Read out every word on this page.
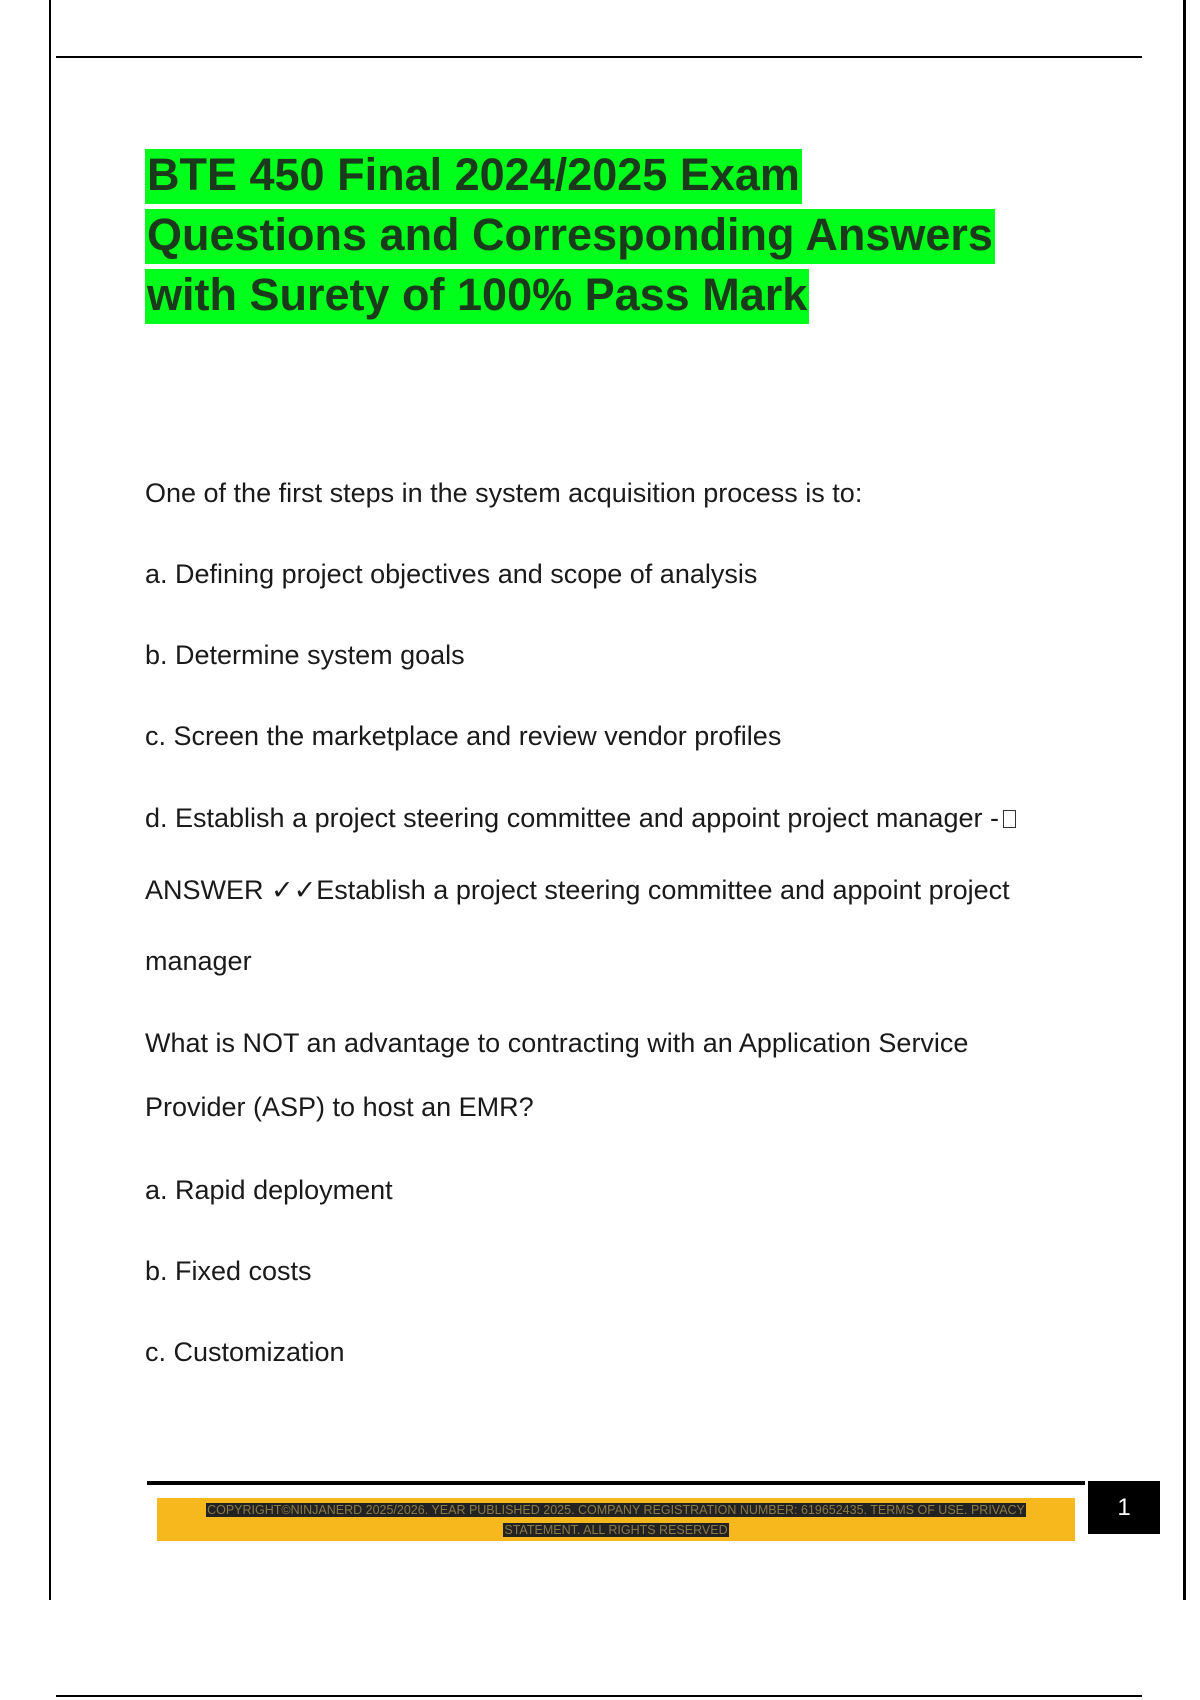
BTE 450 Final 2024/2025 Exam
Questions and Corresponding Answers
with Surety of 100% Pass Mark

One of the first steps in the system acquisition process is to:

a. Defining project objectives and scope of analysis

b. Determine system goals

c. Screen the marketplace and review vendor profiles

d. Establish a project steering committee and appoint project manager -

ANSWER ✓✓Establish a project steering committee and appoint project

manager

What is NOT an advantage to contracting with an Application Service

Provider (ASP) to host an EMR?

a. Rapid deployment

b. Fixed costs

c. Customization

COPYRIGHT©NINJANERD 2025/2026. YEAR PUBLISHED 2025. COMPANY REGISTRATION NUMBER: 619652435. TERMS OF USE. PRIVACY
STATEMENT. ALL RIGHTS RESERVED
1
